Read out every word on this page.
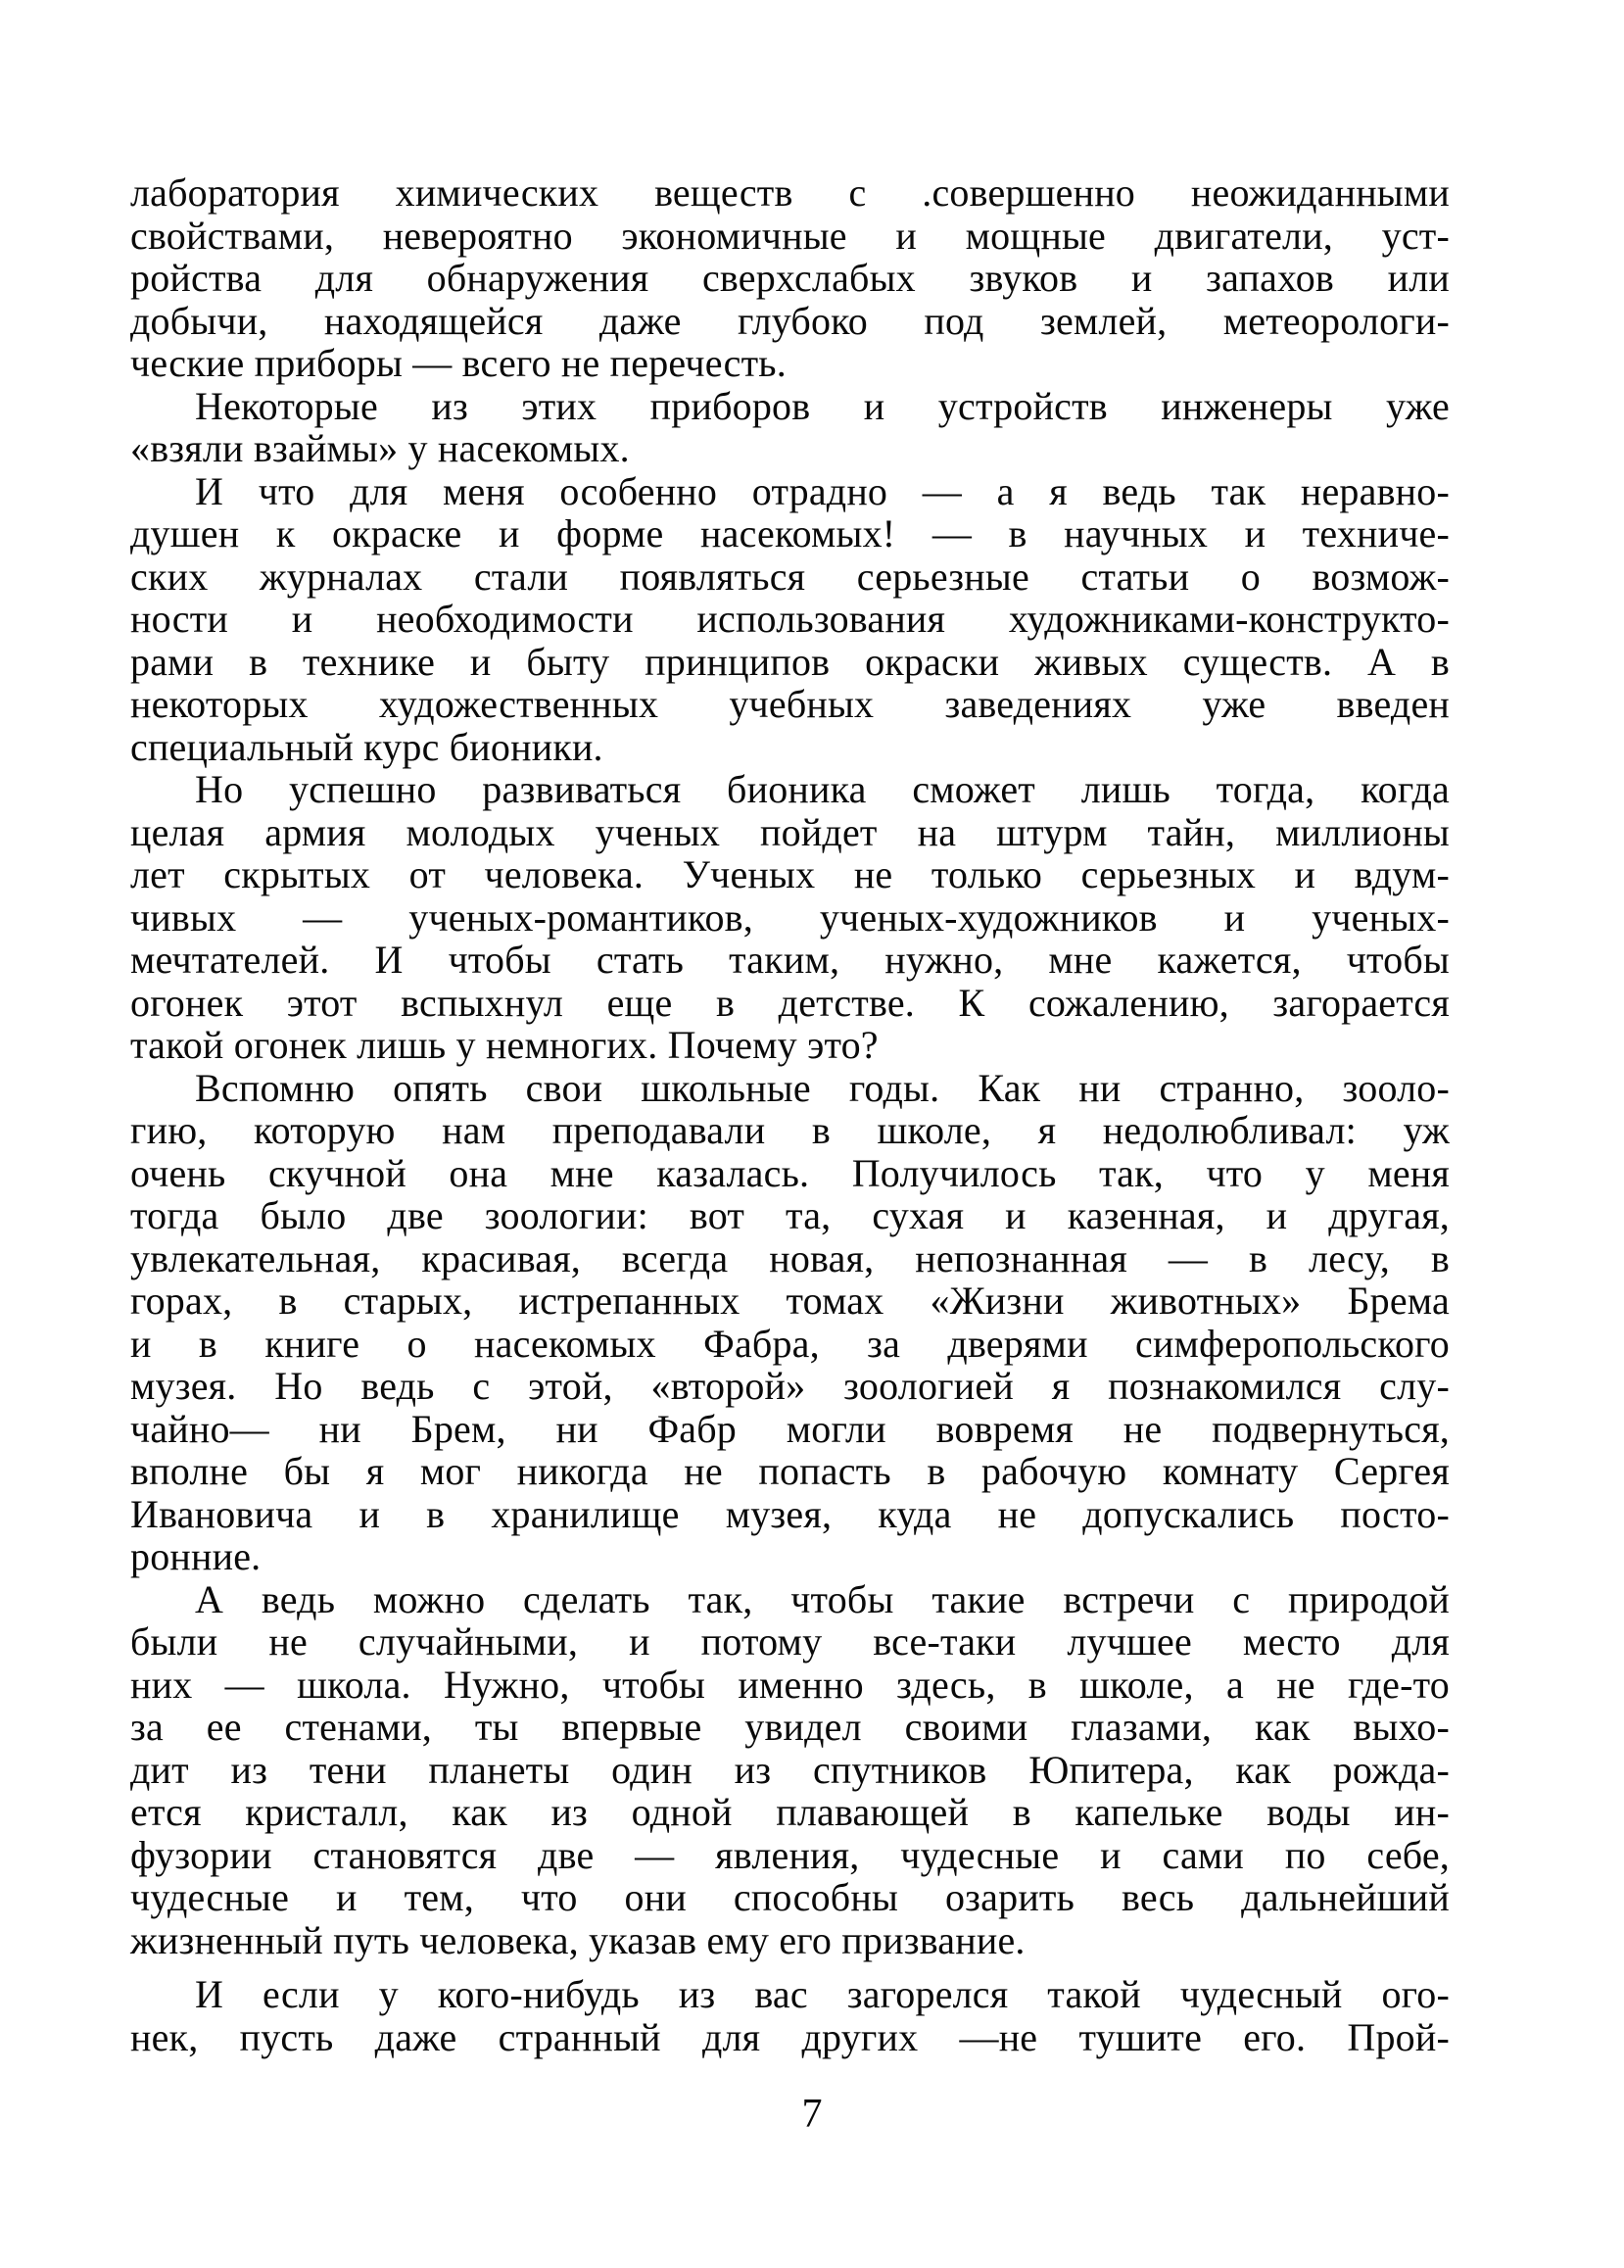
лаборатория химических веществ с .совершенно неожиданными
свойствами, невероятно экономичные и мощные двигатели, уст-
ройства для обнаружения сверхслабых звуков и запахов или
добычи, находящейся даже глубоко под землей, метеорологи-
ческие приборы — всего не перечесть.
Некоторые из этих приборов и устройств инженеры уже
«взяли взаймы» у насекомых.
И что для меня особенно отрадно — а я ведь так неравно-
душен к окраске и форме насекомых! — в научных и техниче-
ских журналах стали появляться серьезные статьи о возмож-
ности и необходимости использования художниками-конструкто-
рами в технике и быту принципов окраски живых существ. А в
некоторых художественных учебных заведениях уже введен
специальный курс бионики.
Но успешно развиваться бионика сможет лишь тогда, когда
целая армия молодых ученых пойдет на штурм тайн, миллионы
лет скрытых от человека. Ученых не только серьезных и вдум-
чивых — ученых-романтиков, ученых-художников и ученых-
мечтателей. И чтобы стать таким, нужно, мне кажется, чтобы
огонек этот вспыхнул еще в детстве. К сожалению, загорается
такой огонек лишь у немногих. Почему это?
Вспомню опять свои школьные годы. Как ни странно, зооло-
гию, которую нам преподавали в школе, я недолюбливал: уж
очень скучной она мне казалась. Получилось так, что у меня
тогда было две зоологии: вот та, сухая и казенная, и другая,
увлекательная, красивая, всегда новая, непознанная — в лесу, в
горах, в старых, истрепанных томах «Жизни животных» Брема
и в книге о насекомых Фабра, за дверями симферопольского
музея. Но ведь с этой, «второй» зоологией я познакомился слу-
чайно— ни Брем, ни Фабр могли вовремя не подвернуться,
вполне бы я мог никогда не попасть в рабочую комнату Сергея
Ивановича и в хранилище музея, куда не допускались посто-
ронние.
А ведь можно сделать так, чтобы такие встречи с природой
были не случайными, и потому все-таки лучшее место для
них — школа. Нужно, чтобы именно здесь, в школе, а не где-то
за ее стенами, ты впервые увидел своими глазами, как выхо-
дит из тени планеты один из спутников Юпитера, как рожда-
ется кристалл, как из одной плавающей в капельке воды ин-
фузории становятся две — явления, чудесные и сами по себе,
чудесные и тем, что они способны озарить весь дальнейший
жизненный путь человека, указав ему его призвание.
И если у кого-нибудь из вас загорелся такой чудесный ого-
нек, пусть даже странный для других —не тушите его. Прой-
7
